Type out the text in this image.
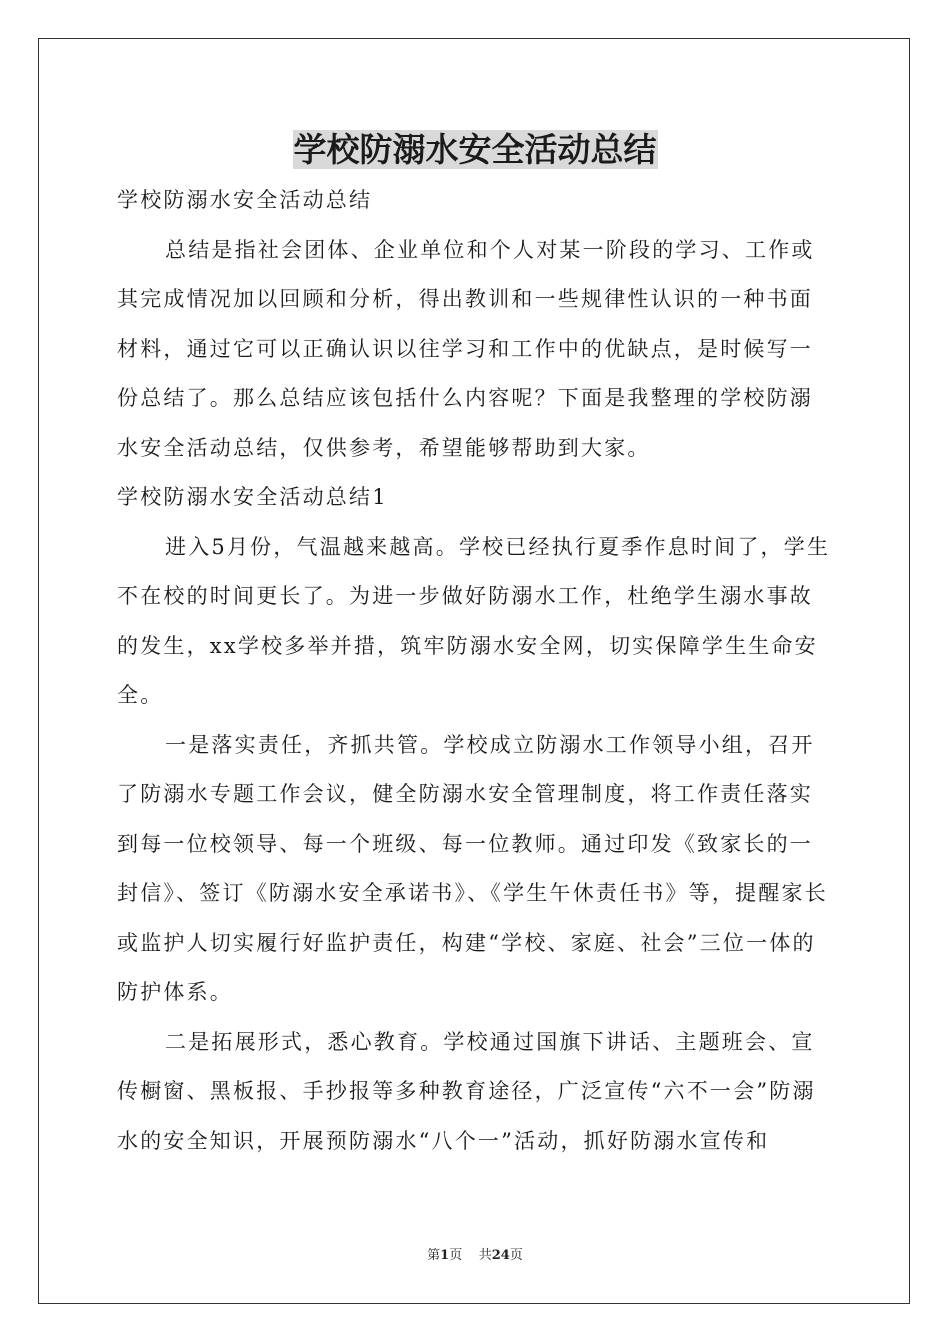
学校防溺水安全活动总结

学校防溺水安全活动总结

总结是指社会团体、企业单位和个人对某一阶段的学习、工作或其完成情况加以回顾和分析，得出教训和一些规律性认识的一种书面材料，通过它可以正确认识以往学习和工作中的优缺点，是时候写一份总结了。那么总结应该包括什么内容呢？下面是我整理的学校防溺水安全活动总结，仅供参考，希望能够帮助到大家。

学校防溺水安全活动总结1

进入5月份，气温越来越高。学校已经执行夏季作息时间了，学生不在校的时间更长了。为进一步做好防溺水工作，杜绝学生溺水事故的发生，xx学校多举并措，筑牢防溺水安全网，切实保障学生生命安全。

一是落实责任，齐抓共管。学校成立防溺水工作领导小组，召开了防溺水专题工作会议，健全防溺水安全管理制度，将工作责任落实到每一位校领导、每一个班级、每一位教师。通过印发《致家长的一封信》、签订《防溺水安全承诺书》、《学生午休责任书》等，提醒家长或监护人切实履行好监护责任，构建“学校、家庭、社会”三位一体的防护体系。

二是拓展形式，悉心教育。学校通过国旗下讲话、主题班会、宣传橱窗、黑板报、手抄报等多种教育途径，广泛宣传“六不一会”防溺水的安全知识，开展预防溺水“八个一”活动，抓好防溺水宣传和

第1页 共24页
